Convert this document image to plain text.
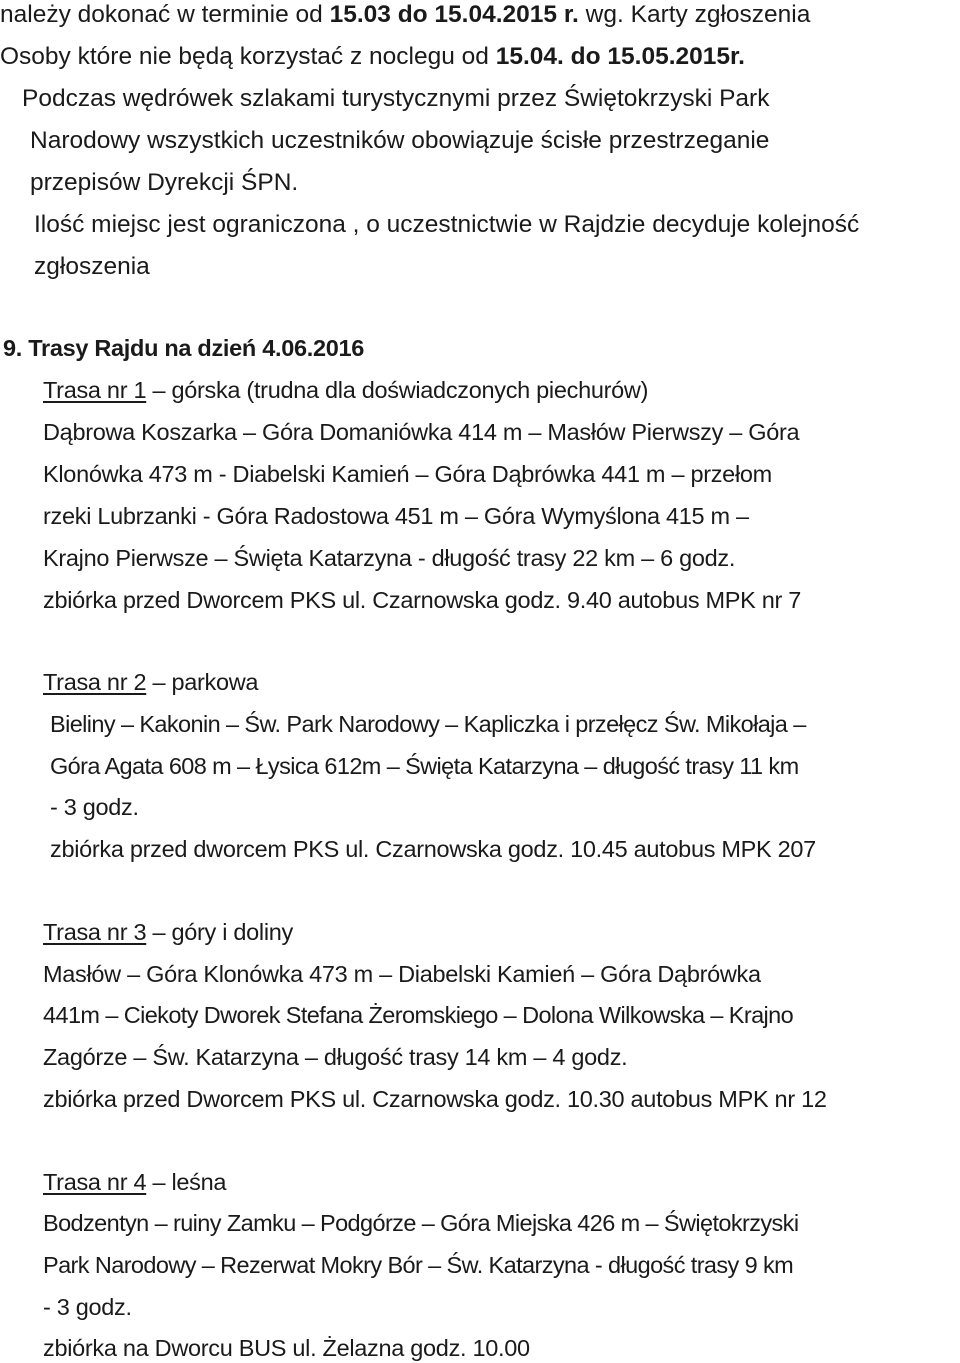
należy dokonać w terminie od 15.03 do 15.04.2015 r. wg. Karty zgłoszenia
Osoby które nie będą korzystać z noclegu od 15.04. do 15.05.2015r.
Podczas wędrówek szlakami turystycznymi przez Świętokrzyski Park
Narodowy wszystkich uczestników obowiązuje ścisłe przestrzeganie
przepisów Dyrekcji ŚPN.
Ilość miejsc jest ograniczona , o uczestnictwie w Rajdzie decyduje kolejność
zgłoszenia
9. Trasy Rajdu na dzień 4.06.2016
Trasa nr 1 – górska (trudna dla doświadczonych piechurów)
Dąbrowa Koszarka – Góra Domaniówka 414 m – Masłów Pierwszy – Góra
Klonówka 473 m - Diabelski Kamień – Góra Dąbrówka 441 m – przełom
rzeki Lubrzanki - Góra Radostowa 451 m – Góra Wymyślona 415 m –
Krajno Pierwsze – Święta Katarzyna - długość trasy 22 km – 6 godz.
zbiórka przed Dworcem PKS ul. Czarnowska godz. 9.40 autobus MPK nr 7
Trasa nr 2 – parkowa
Bieliny – Kakonin – Św. Park Narodowy – Kapliczka i przełęcz Św. Mikołaja –
Góra Agata 608 m – Łysica 612m – Święta Katarzyna – długość trasy 11 km
- 3 godz.
zbiórka przed dworcem PKS ul. Czarnowska godz. 10.45 autobus MPK 207
Trasa nr 3 – góry i doliny
Masłów – Góra Klonówka 473 m – Diabelski Kamień – Góra Dąbrówka
441m – Ciekoty Dworek Stefana Żeromskiego – Dolona Wilkowska – Krajno
Zagórze – Św. Katarzyna – długość trasy 14 km – 4 godz.
zbiórka przed Dworcem PKS ul. Czarnowska godz. 10.30 autobus MPK nr 12
Trasa nr 4 – leśna
Bodzentyn – ruiny Zamku – Podgórze – Góra Miejska 426 m – Świętokrzyski
Park Narodowy – Rezerwat Mokry Bór – Św. Katarzyna - długość trasy 9 km
- 3 godz.
zbiórka na Dworcu BUS ul. Żelazna godz. 10.00
